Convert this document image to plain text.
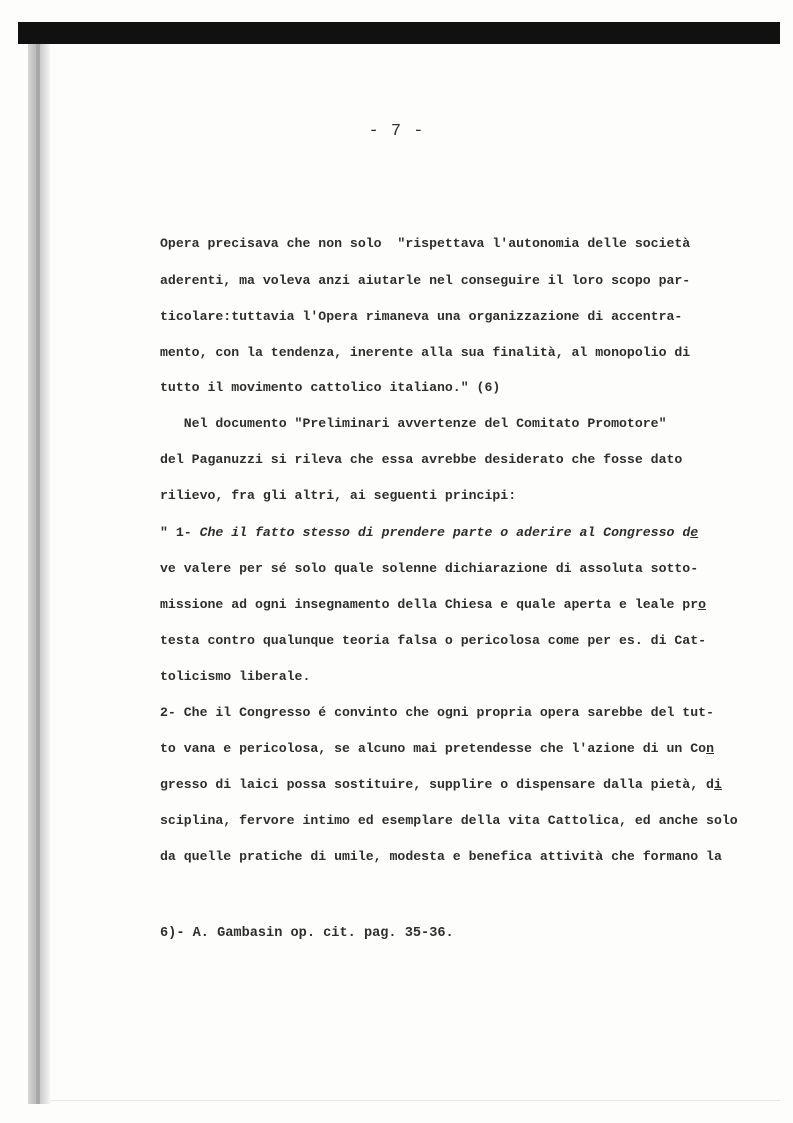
- 7 -
Opera precisava che non solo  "rispettava l'autonomia delle società
aderenti, ma voleva anzi aiutarle nel conseguire il loro scopo par-
ticolare:tuttavia l'Opera rimaneva una organizzazione di accentra-
mento, con la tendenza, inerente alla sua finalità, al monopolio di
tutto il movimento cattolico italiano." (6)
Nel documento "Preliminari avvertenze del Comitato Promotore"
del Paganuzzi si rileva che essa avrebbe desiderato che fosse dato
rilievo, fra gli altri, ai seguenti principi:
" 1- Che il fatto stesso di prendere parte o aderire al Congresso de
ve valere per sé solo quale solenne dichiarazione di assoluta sotto-
missione ad ogni insegnamento della Chiesa e quale aperta e leale pro
testa contro qualunque teoria falsa o pericolosa come per es. di Cat-
tolicismo liberale.
2- Che il Congresso é convinto che ogni propria opera sarebbe del tut-
to vana e pericolosa, se alcuno mai pretendesse che l'azione di un Con
gresso di laici possa sostituire, supplire o dispensare dalla pietà, di
sciplina, fervore intimo ed esemplare della vita Cattolica, ed anche solo
da quelle pratiche di umile, modesta e benefica attività che formano la
6)- A. Gambasin op. cit. pag. 35-36.
